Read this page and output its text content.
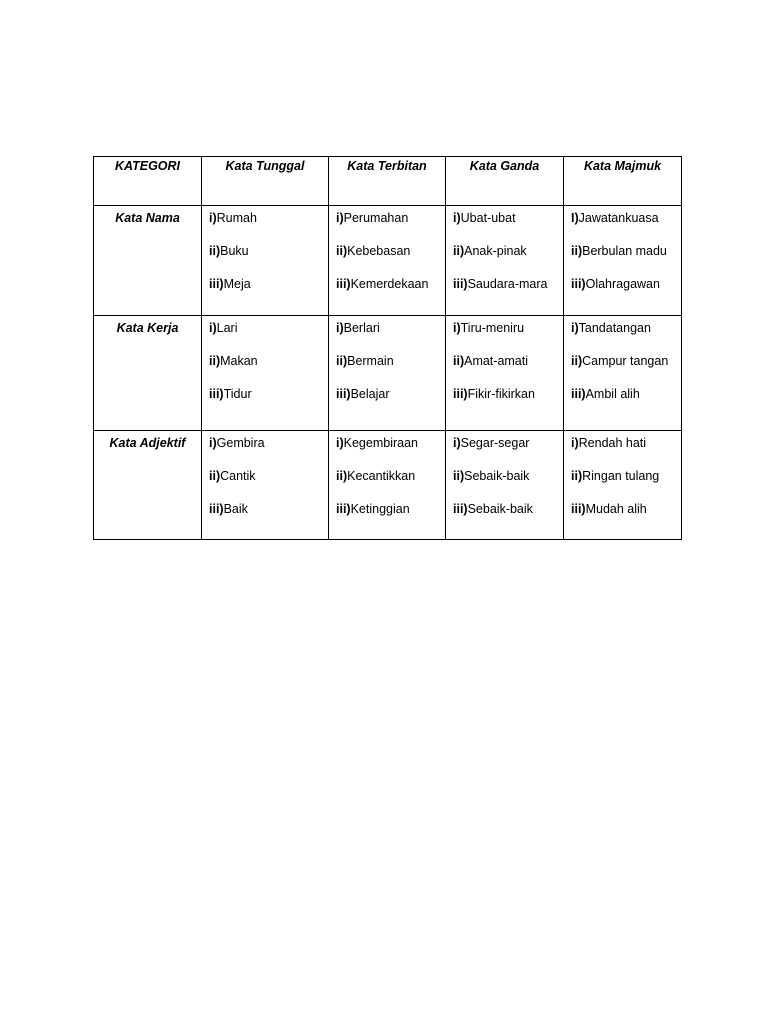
KATEGORI	Kata Tunggal	Kata Terbitan	Kata Ganda	Kata Majmuk
Kata Nama	i)Rumah
ii)Buku
iii)Meja	i)Perumahan
ii)Kebebasan
iii)Kemerdekaan	i)Ubat-ubat
ii)Anak-pinak
iii)Saudara-mara	I)Jawatankuasa
ii)Berbulan madu
iii)Olahragawan

Kata Kerja	i)Lari
ii)Makan
iii)Tidur	i)Berlari
ii)Bermain
iii)Belajar	i)Tiru-meniru
ii)Amat-amati
iii)Fikir-fikirkan	i)Tandatangan
ii)Campur tangan
iii)Ambil alih

Kata Adjektif	i)Gembira
ii)Cantik
iii)Baik	i)Kegembiraan
ii)Kecantikkan
iii)Ketinggian	i)Segar-segar
ii)Sebaik-baik
iii)Sebaik-baik	i)Rendah hati
ii)Ringan tulang
iii)Mudah alih
